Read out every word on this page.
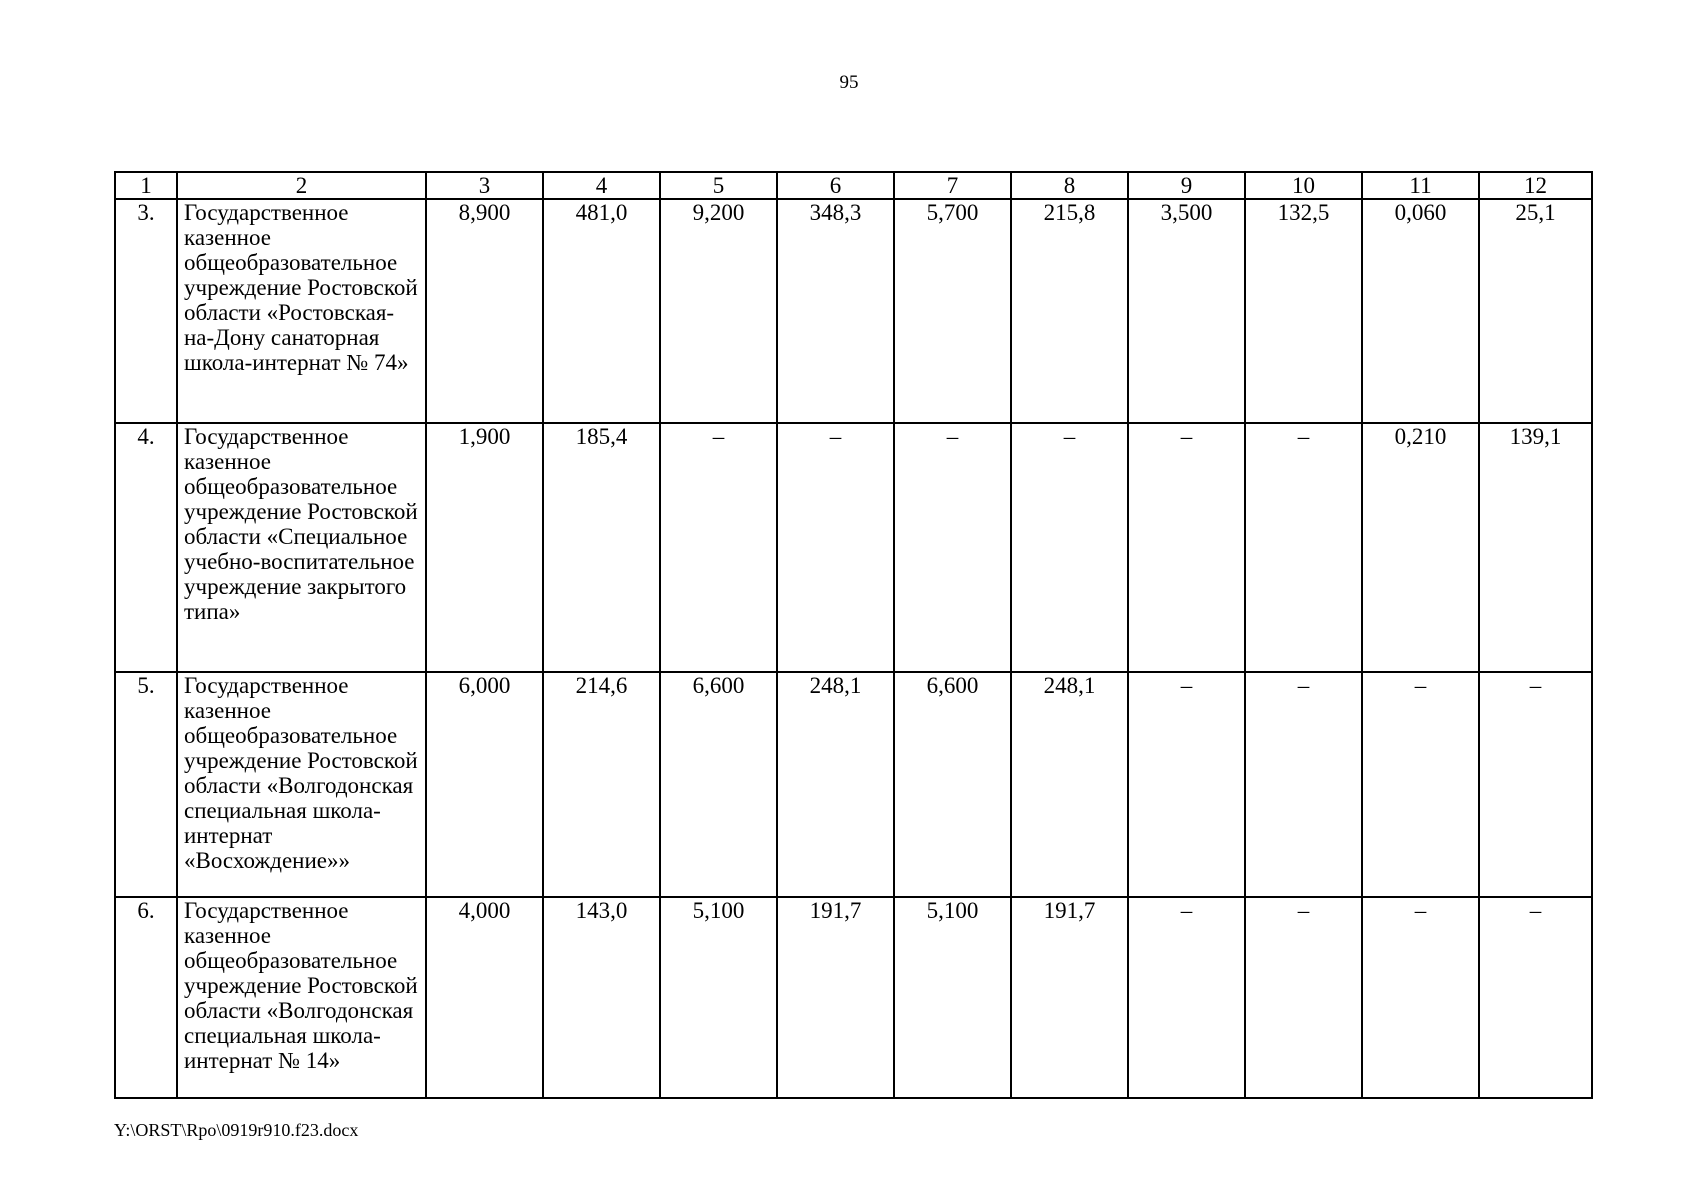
95
1	2	3	4	5	6	7	8	9	10	11	12
3.	Государственное казенное общеобразовательное учреждение Ростовской области «Ростовская-на-Дону санаторная школа-интернат № 74»	8,900	481,0	9,200	348,3	5,700	215,8	3,500	132,5	0,060	25,1
4.	Государственное казенное общеобразовательное учреждение Ростовской области «Специальное учебно-воспитательное учреждение закрытого типа»	1,900	185,4	–	–	–	–	–	–	0,210	139,1
5.	Государственное казенное общеобразовательное учреждение Ростовской области «Волгодонская специальная школа-интернат «Восхождение»»	6,000	214,6	6,600	248,1	6,600	248,1	–	–	–	–
6.	Государственное казенное общеобразовательное учреждение Ростовской области «Волгодонская специальная школа-интернат № 14»	4,000	143,0	5,100	191,7	5,100	191,7	–	–	–	–
Y:\ORST\Rpo\0919r910.f23.docx
